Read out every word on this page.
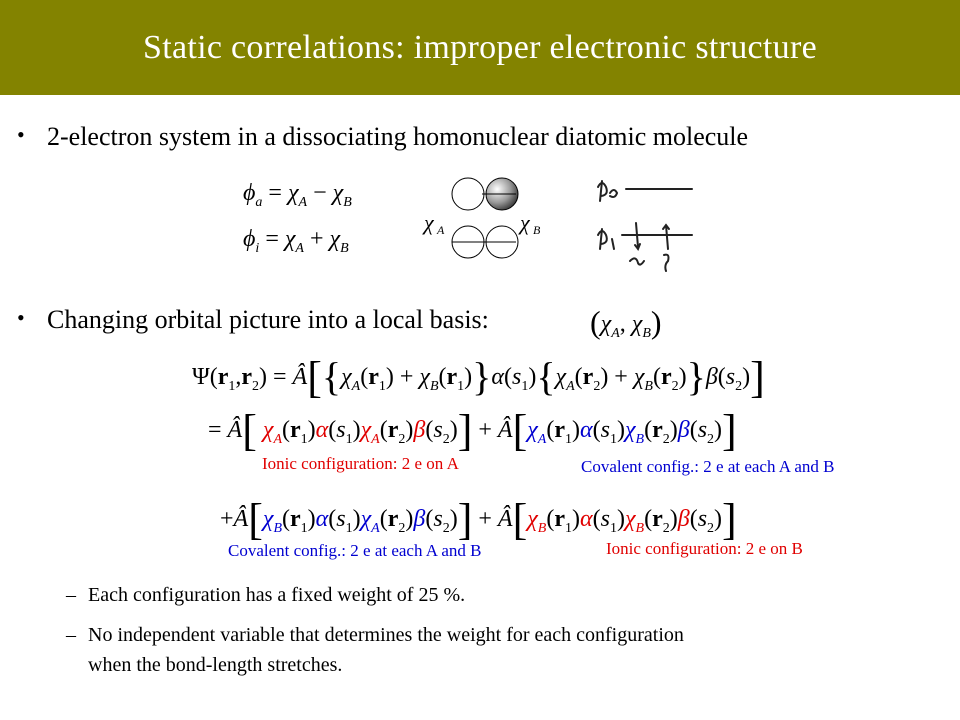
Static correlations: improper electronic structure
• 2-electron system in a dissociating homonuclear diatomic molecule
$\phi_a = \chi_A - \chi_B$
$\phi_i = \chi_A + \chi_B$
χ A	χ B
• Changing orbital picture into a local basis:	($\chi_A$, $\chi_B$)
$\Psi(r_1,r_2)$ = $Â[\{\chi_A(r_1) + \chi_B(r_1)\}\alpha(s_1)\{\chi_A(r_2) + \chi_B(r_2)\}\beta(s_2)]$
= Â[ $\chi_A(r_1)\alpha(s_1)\chi_A(r_2)\beta(s_2)$] + $Â[\chi_A(r_1)\alpha(s_1)\chi_B(r_2)\beta(s_2)]$
Ionic configuration: 2 e on A	Covalent config.: 2 e at each A and B
$+Â[\chi_B(r_1)\alpha(s_1)\chi_A(r_2)\beta(s_2)]$ + $Â[\chi_B(r_1)\alpha(s_1)\chi_B(r_2)\beta(s_2)]$
Covalent config.: 2 e at each A and B	Ionic configuration: 2 e on B
– Each configuration has a fixed weight of 25 %.
– No independent variable that determines the weight for each configuration
when the bond-length stretches.
